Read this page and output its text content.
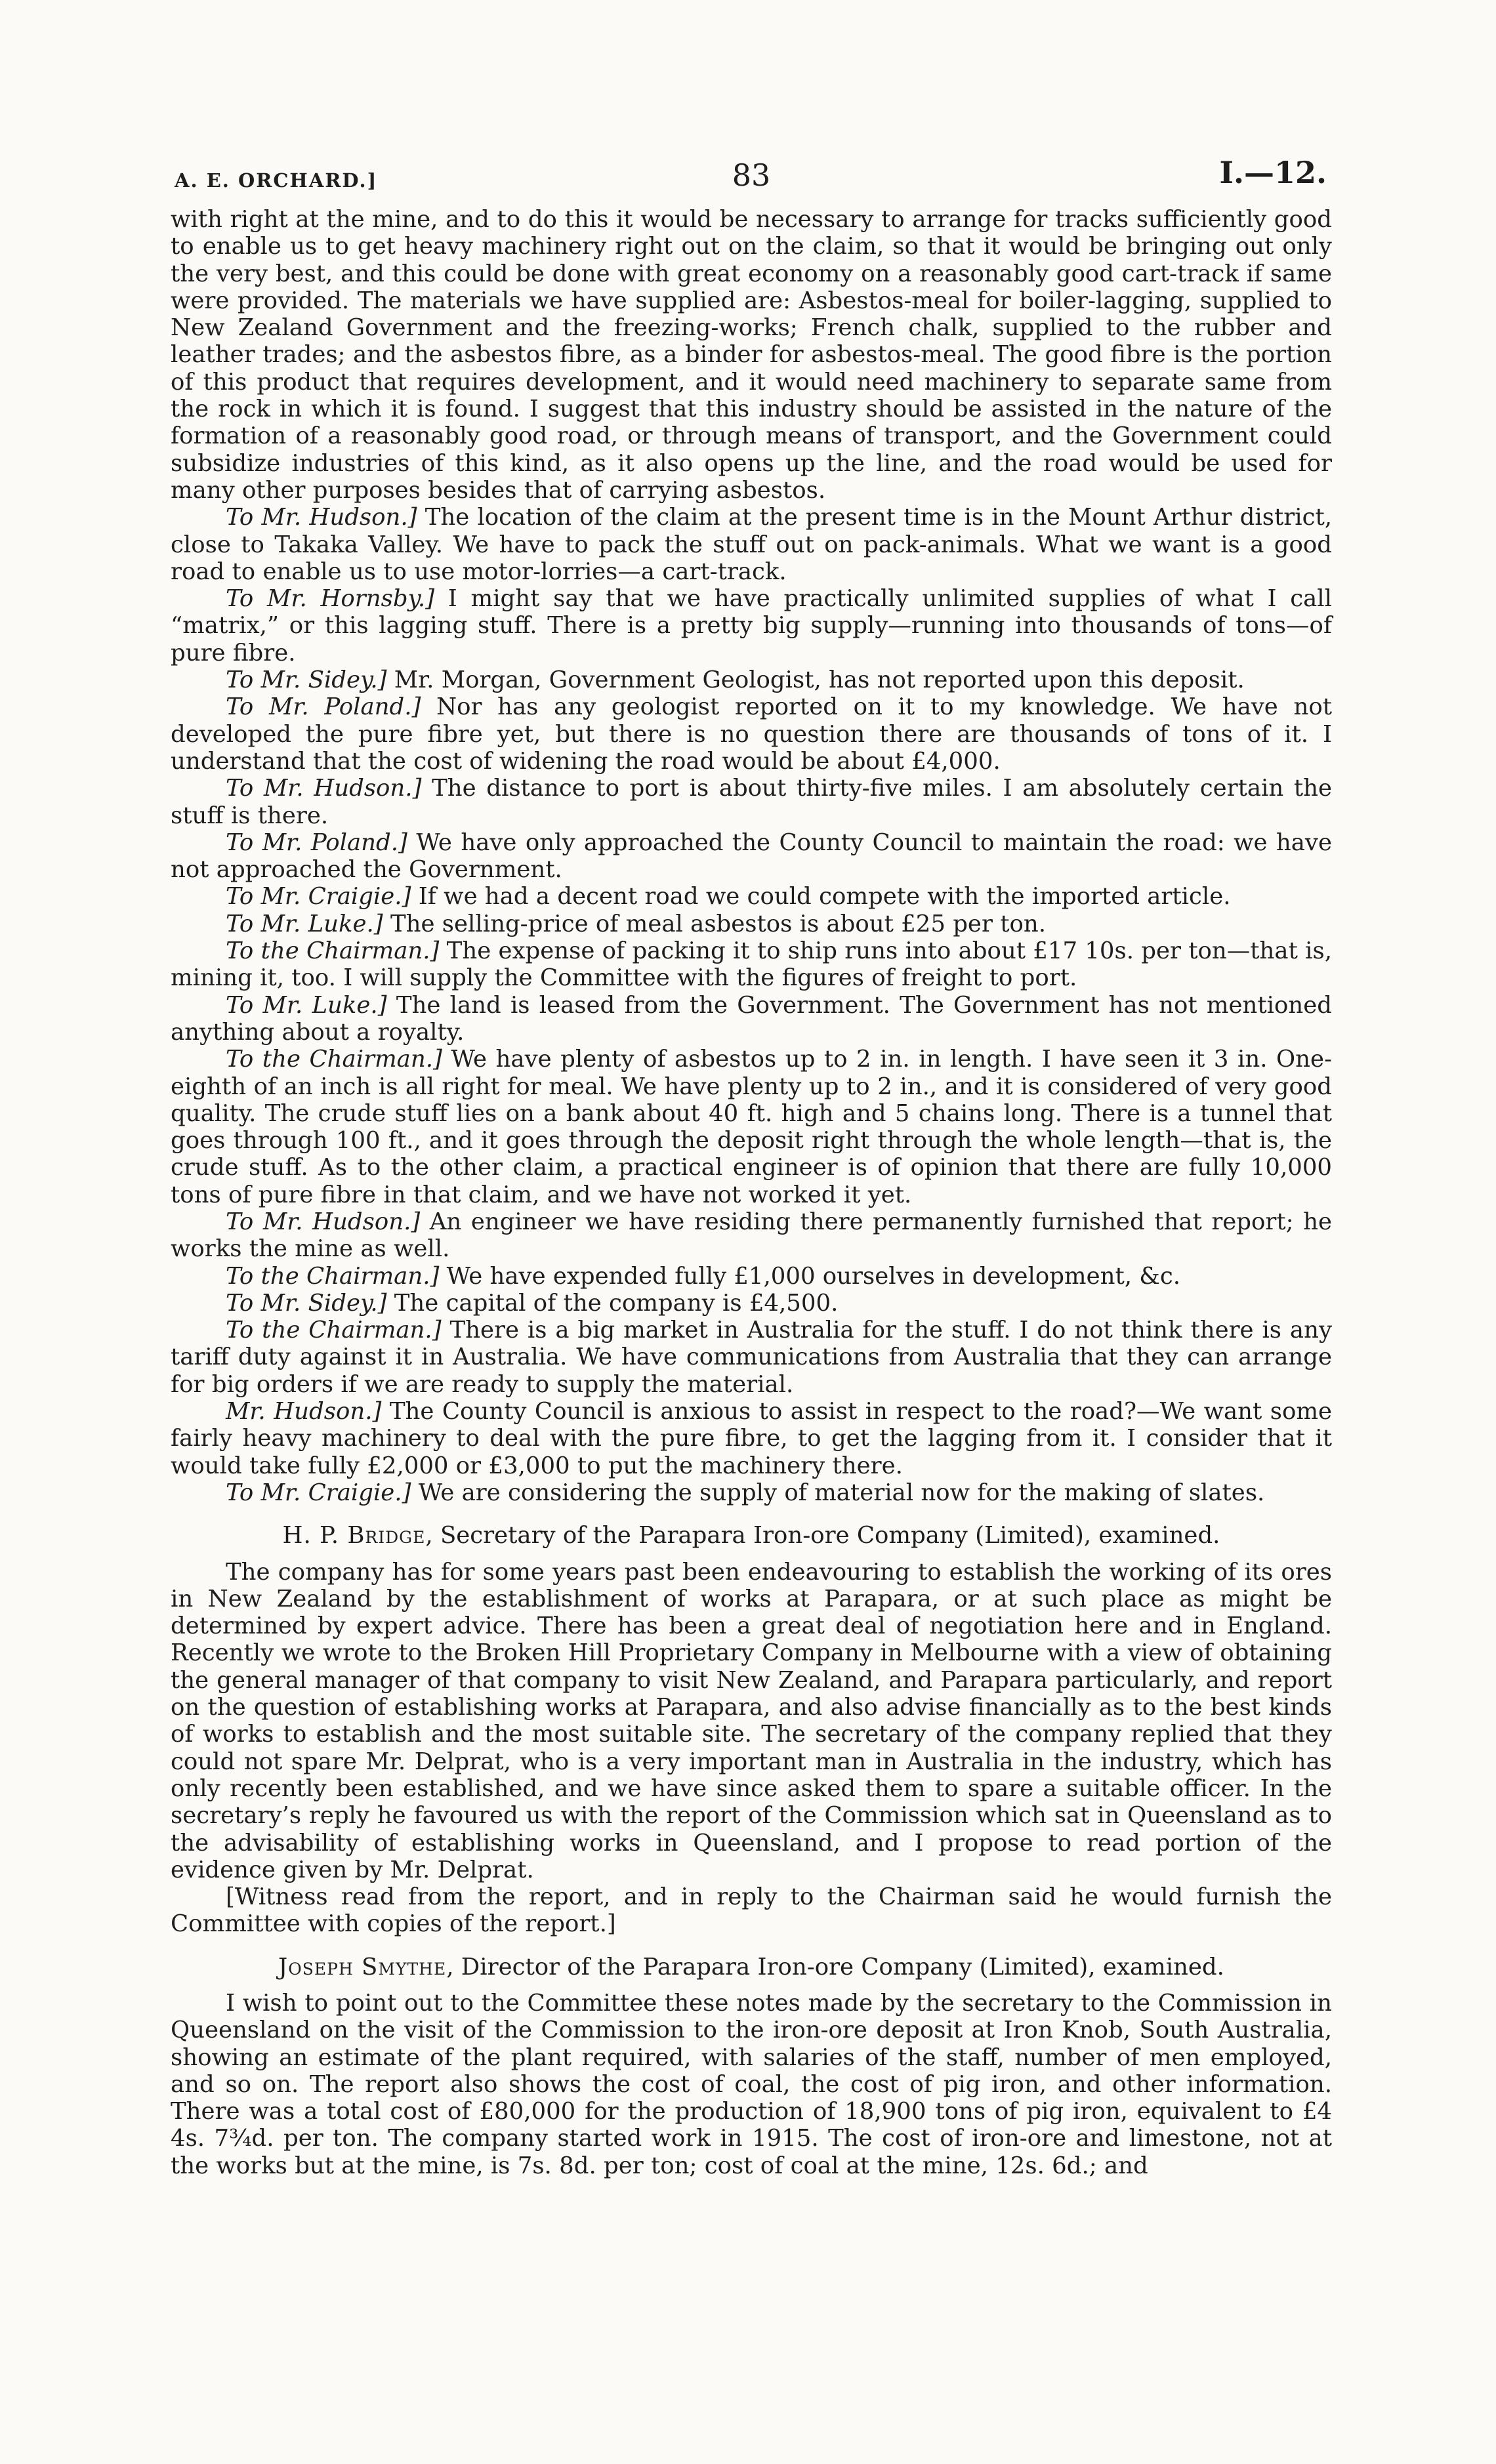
A. E. ORCHARD.]	83	I.—12.

with right at the mine, and to do this it would be necessary to arrange for tracks sufficiently good to enable us to get heavy machinery right out on the claim, so that it would be bringing out only the very best, and this could be done with great economy on a reasonably good cart-track if same were provided. The materials we have supplied are: Asbestos-meal for boiler-lagging, supplied to New Zealand Government and the freezing-works; French chalk, supplied to the rubber and leather trades; and the asbestos fibre, as a binder for asbestos-meal. The good fibre is the portion of this product that requires development, and it would need machinery to separate same from the rock in which it is found. I suggest that this industry should be assisted in the nature of the formation of a reasonably good road, or through means of transport, and the Government could subsidize industries of this kind, as it also opens up the line, and the road would be used for many other purposes besides that of carrying asbestos.

To Mr. Hudson.] The location of the claim at the present time is in the Mount Arthur district, close to Takaka Valley. We have to pack the stuff out on pack-animals. What we want is a good road to enable us to use motor-lorries—a cart-track.

To Mr. Hornsby.] I might say that we have practically unlimited supplies of what I call “matrix,” or this lagging stuff. There is a pretty big supply—running into thousands of tons—of pure fibre.

To Mr. Sidey.] Mr. Morgan, Government Geologist, has not reported upon this deposit.

To Mr. Poland.] Nor has any geologist reported on it to my knowledge. We have not developed the pure fibre yet, but there is no question there are thousands of tons of it. I understand that the cost of widening the road would be about £4,000.

To Mr. Hudson.] The distance to port is about thirty-five miles. I am absolutely certain the stuff is there.

To Mr. Poland.] We have only approached the County Council to maintain the road: we have not approached the Government.

To Mr. Craigie.] If we had a decent road we could compete with the imported article.

To Mr. Luke.] The selling-price of meal asbestos is about £25 per ton.

To the Chairman.] The expense of packing it to ship runs into about £17 10s. per ton—that is, mining it, too. I will supply the Committee with the figures of freight to port.

To Mr. Luke.] The land is leased from the Government. The Government has not mentioned anything about a royalty.

To the Chairman.] We have plenty of asbestos up to 2 in. in length. I have seen it 3 in. One-eighth of an inch is all right for meal. We have plenty up to 2 in., and it is considered of very good quality. The crude stuff lies on a bank about 40 ft. high and 5 chains long. There is a tunnel that goes through 100 ft., and it goes through the deposit right through the whole length—that is, the crude stuff. As to the other claim, a practical engineer is of opinion that there are fully 10,000 tons of pure fibre in that claim, and we have not worked it yet.

To Mr. Hudson.] An engineer we have residing there permanently furnished that report; he works the mine as well.

To the Chairman.] We have expended fully £1,000 ourselves in development, &c.

To Mr. Sidey.] The capital of the company is £4,500.

To the Chairman.] There is a big market in Australia for the stuff. I do not think there is any tariff duty against it in Australia. We have communications from Australia that they can arrange for big orders if we are ready to supply the material.

Mr. Hudson.] The County Council is anxious to assist in respect to the road?—We want some fairly heavy machinery to deal with the pure fibre, to get the lagging from it. I consider that it would take fully £2,000 or £3,000 to put the machinery there.

To Mr. Craigie.] We are considering the supply of material now for the making of slates.

H. P. Bridge, Secretary of the Parapara Iron-ore Company (Limited), examined.

The company has for some years past been endeavouring to establish the working of its ores in New Zealand by the establishment of works at Parapara, or at such place as might be determined by expert advice. There has been a great deal of negotiation here and in England. Recently we wrote to the Broken Hill Proprietary Company in Melbourne with a view of obtaining the general manager of that company to visit New Zealand, and Parapara particularly, and report on the question of establishing works at Parapara, and also advise financially as to the best kinds of works to establish and the most suitable site. The secretary of the company replied that they could not spare Mr. Delprat, who is a very important man in Australia in the industry, which has only recently been established, and we have since asked them to spare a suitable officer. In the secretary’s reply he favoured us with the report of the Commission which sat in Queensland as to the advisability of establishing works in Queensland, and I propose to read portion of the evidence given by Mr. Delprat.

[Witness read from the report, and in reply to the Chairman said he would furnish the Committee with copies of the report.]

Joseph Smythe, Director of the Parapara Iron-ore Company (Limited), examined.

I wish to point out to the Committee these notes made by the secretary to the Commission in Queensland on the visit of the Commission to the iron-ore deposit at Iron Knob, South Australia, showing an estimate of the plant required, with salaries of the staff, number of men employed, and so on. The report also shows the cost of coal, the cost of pig iron, and other information. There was a total cost of £80,000 for the production of 18,900 tons of pig iron, equivalent to £4 4s. 7¾d. per ton. The company started work in 1915. The cost of iron-ore and limestone, not at the works but at the mine, is 7s. 8d. per ton; cost of coal at the mine, 12s. 6d.; and
